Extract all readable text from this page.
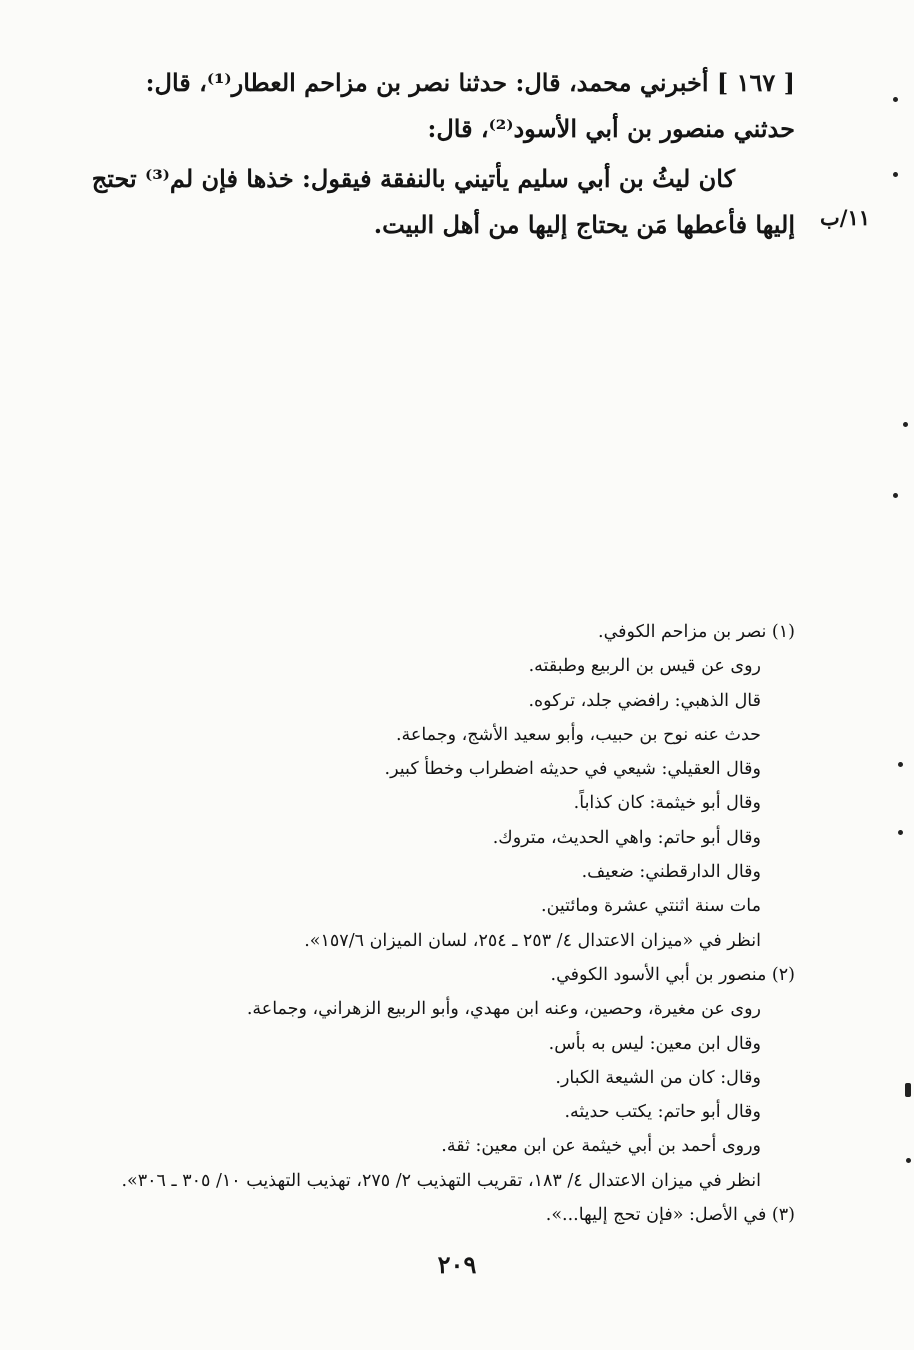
[ ١٦٧ ] أخبرني محمد، قال: حدثنا نصر بن مزاحم العطار⁽¹⁾، قال: حدثني منصور بن أبي الأسود⁽²⁾، قال:

كان ليثُ بن أبي سليم يأتيني بالنفقة فيقول: خذها فإن لم⁽³⁾ تحتج إليها فأعطها مَن يحتاج إليها من أهل البيت. ١١/ب
(١) نصر بن مزاحم الكوفي.
روى عن قيس بن الربيع وطبقته.
قال الذهبي: رافضي جلد، تركوه.
حدث عنه نوح بن حبيب، وأبو سعيد الأشج، وجماعة.
وقال العقيلي: شيعي في حديثه اضطراب وخطأ كبير.
وقال أبو خيثمة: كان كذاباً.
وقال أبو حاتم: واهي الحديث، متروك.
وقال الدارقطني: ضعيف.
مات سنة اثنتي عشرة ومائتين.
انظر في «ميزان الاعتدال ٤/ ٢٥٣ ـ ٢٥٤، لسان الميزان ١٥٧/٦».
(٢) منصور بن أبي الأسود الكوفي.
روى عن مغيرة، وحصين، وعنه ابن مهدي، وأبو الربيع الزهراني، وجماعة.
وقال ابن معين: ليس به بأس.
وقال: كان من الشيعة الكبار.
وقال أبو حاتم: يكتب حديثه.
وروى أحمد بن أبي خيثمة عن ابن معين: ثقة.
انظر في ميزان الاعتدال ٤/ ١٨٣، تقريب التهذيب ٢/ ٢٧٥، تهذيب التهذيب ١٠/ ٣٠٥ ـ ٣٠٦».
(٣) في الأصل: «فإن تحج إليها...».
٢٠٩
